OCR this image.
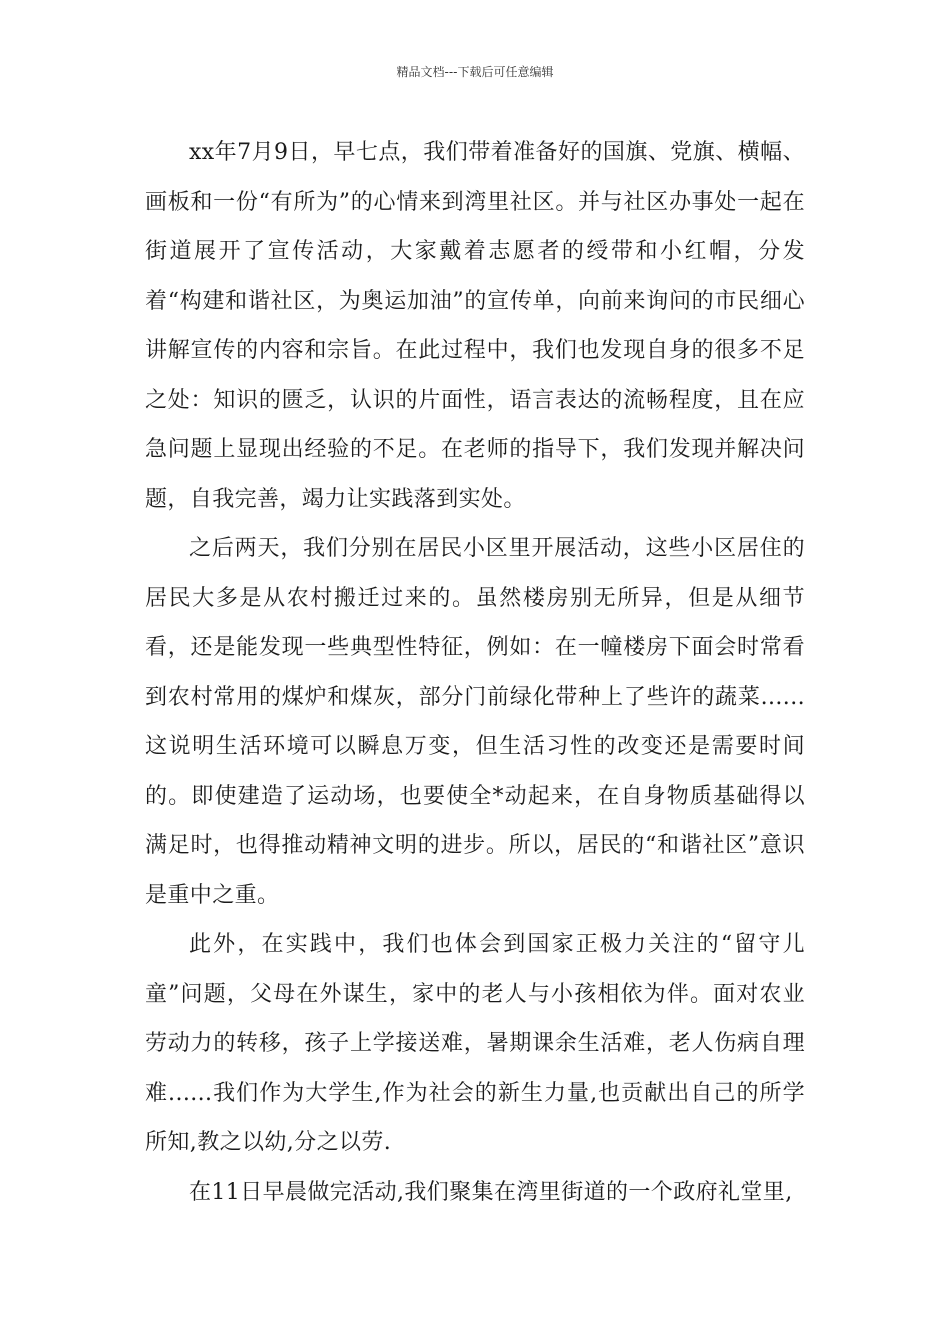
精品文档---下载后可任意编辑

xx年7月9日，早七点，我们带着准备好的国旗、党旗、横幅、画板和一份“有所为”的心情来到湾里社区。并与社区办事处一起在街道展开了宣传活动，大家戴着志愿者的绶带和小红帽，分发着“构建和谐社区，为奥运加油”的宣传单，向前来询问的市民细心讲解宣传的内容和宗旨。在此过程中，我们也发现自身的很多不足之处：知识的匮乏，认识的片面性，语言表达的流畅程度，且在应急问题上显现出经验的不足。在老师的指导下，我们发现并解决问题，自我完善，竭力让实践落到实处。

之后两天，我们分别在居民小区里开展活动，这些小区居住的居民大多是从农村搬迁过来的。虽然楼房别无所异，但是从细节看，还是能发现一些典型性特征，例如：在一幢楼房下面会时常看到农村常用的煤炉和煤灰，部分门前绿化带种上了些许的蔬菜......这说明生活环境可以瞬息万变，但生活习性的改变还是需要时间的。即使建造了运动场，也要使全*动起来，在自身物质基础得以满足时，也得推动精神文明的进步。所以，居民的“和谐社区”意识是重中之重。

此外，在实践中，我们也体会到国家正极力关注的“留守儿童”问题，父母在外谋生，家中的老人与小孩相依为伴。面对农业劳动力的转移，孩子上学接送难，暑期课余生活难，老人伤病自理难......我们作为大学生,作为社会的新生力量,也贡献出自己的所学所知,教之以幼,分之以劳.

在11日早晨做完活动,我们聚集在湾里街道的一个政府礼堂里,
